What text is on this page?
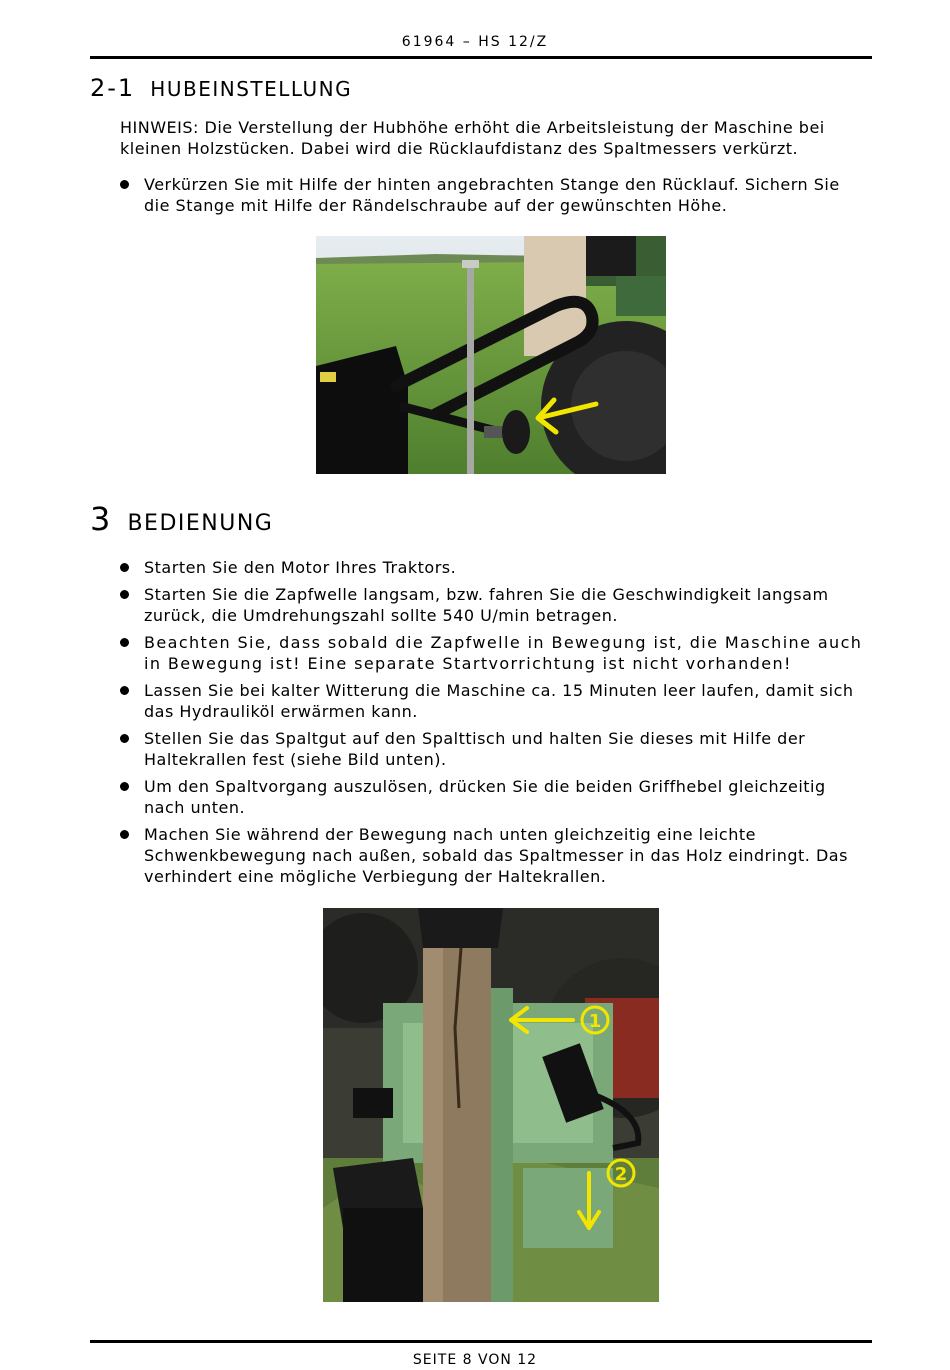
61964 – HS 12/Z
2-1 HUBEINSTELLUNG
HINWEIS: Die Verstellung der Hubhöhe erhöht die Arbeitsleistung der Maschine bei kleinen Holzstücken. Dabei wird die Rücklaufdistanz des Spaltmessers verkürzt.
Verkürzen Sie mit Hilfe der hinten angebrachten Stange den Rücklauf. Sichern Sie die Stange mit Hilfe der Rändelschraube auf der gewünschten Höhe.
3 BEDIENUNG
Starten Sie den Motor Ihres Traktors.
Starten Sie die Zapfwelle langsam, bzw. fahren Sie die Geschwindigkeit langsam zurück, die Umdrehungszahl sollte 540 U/min betragen.
Beachten Sie, dass sobald die Zapfwelle in Bewegung ist, die Maschine auch in Bewegung ist! Eine separate Startvorrichtung ist nicht vorhanden!
Lassen Sie bei kalter Witterung die Maschine ca. 15 Minuten leer laufen, damit sich das Hydrauliköl erwärmen kann.
Stellen Sie das Spaltgut auf den Spalttisch und halten Sie dieses mit Hilfe der Haltekrallen fest (siehe Bild unten).
Um den Spaltvorgang auszulösen, drücken Sie die beiden Griffhebel gleichzeitig nach unten.
Machen Sie während der Bewegung nach unten gleichzeitig eine leichte Schwenkbewegung nach außen, sobald das Spaltmesser in das Holz eindringt. Das verhindert eine mögliche Verbiegung der Haltekrallen.
1
2
SEITE 8 VON 12
